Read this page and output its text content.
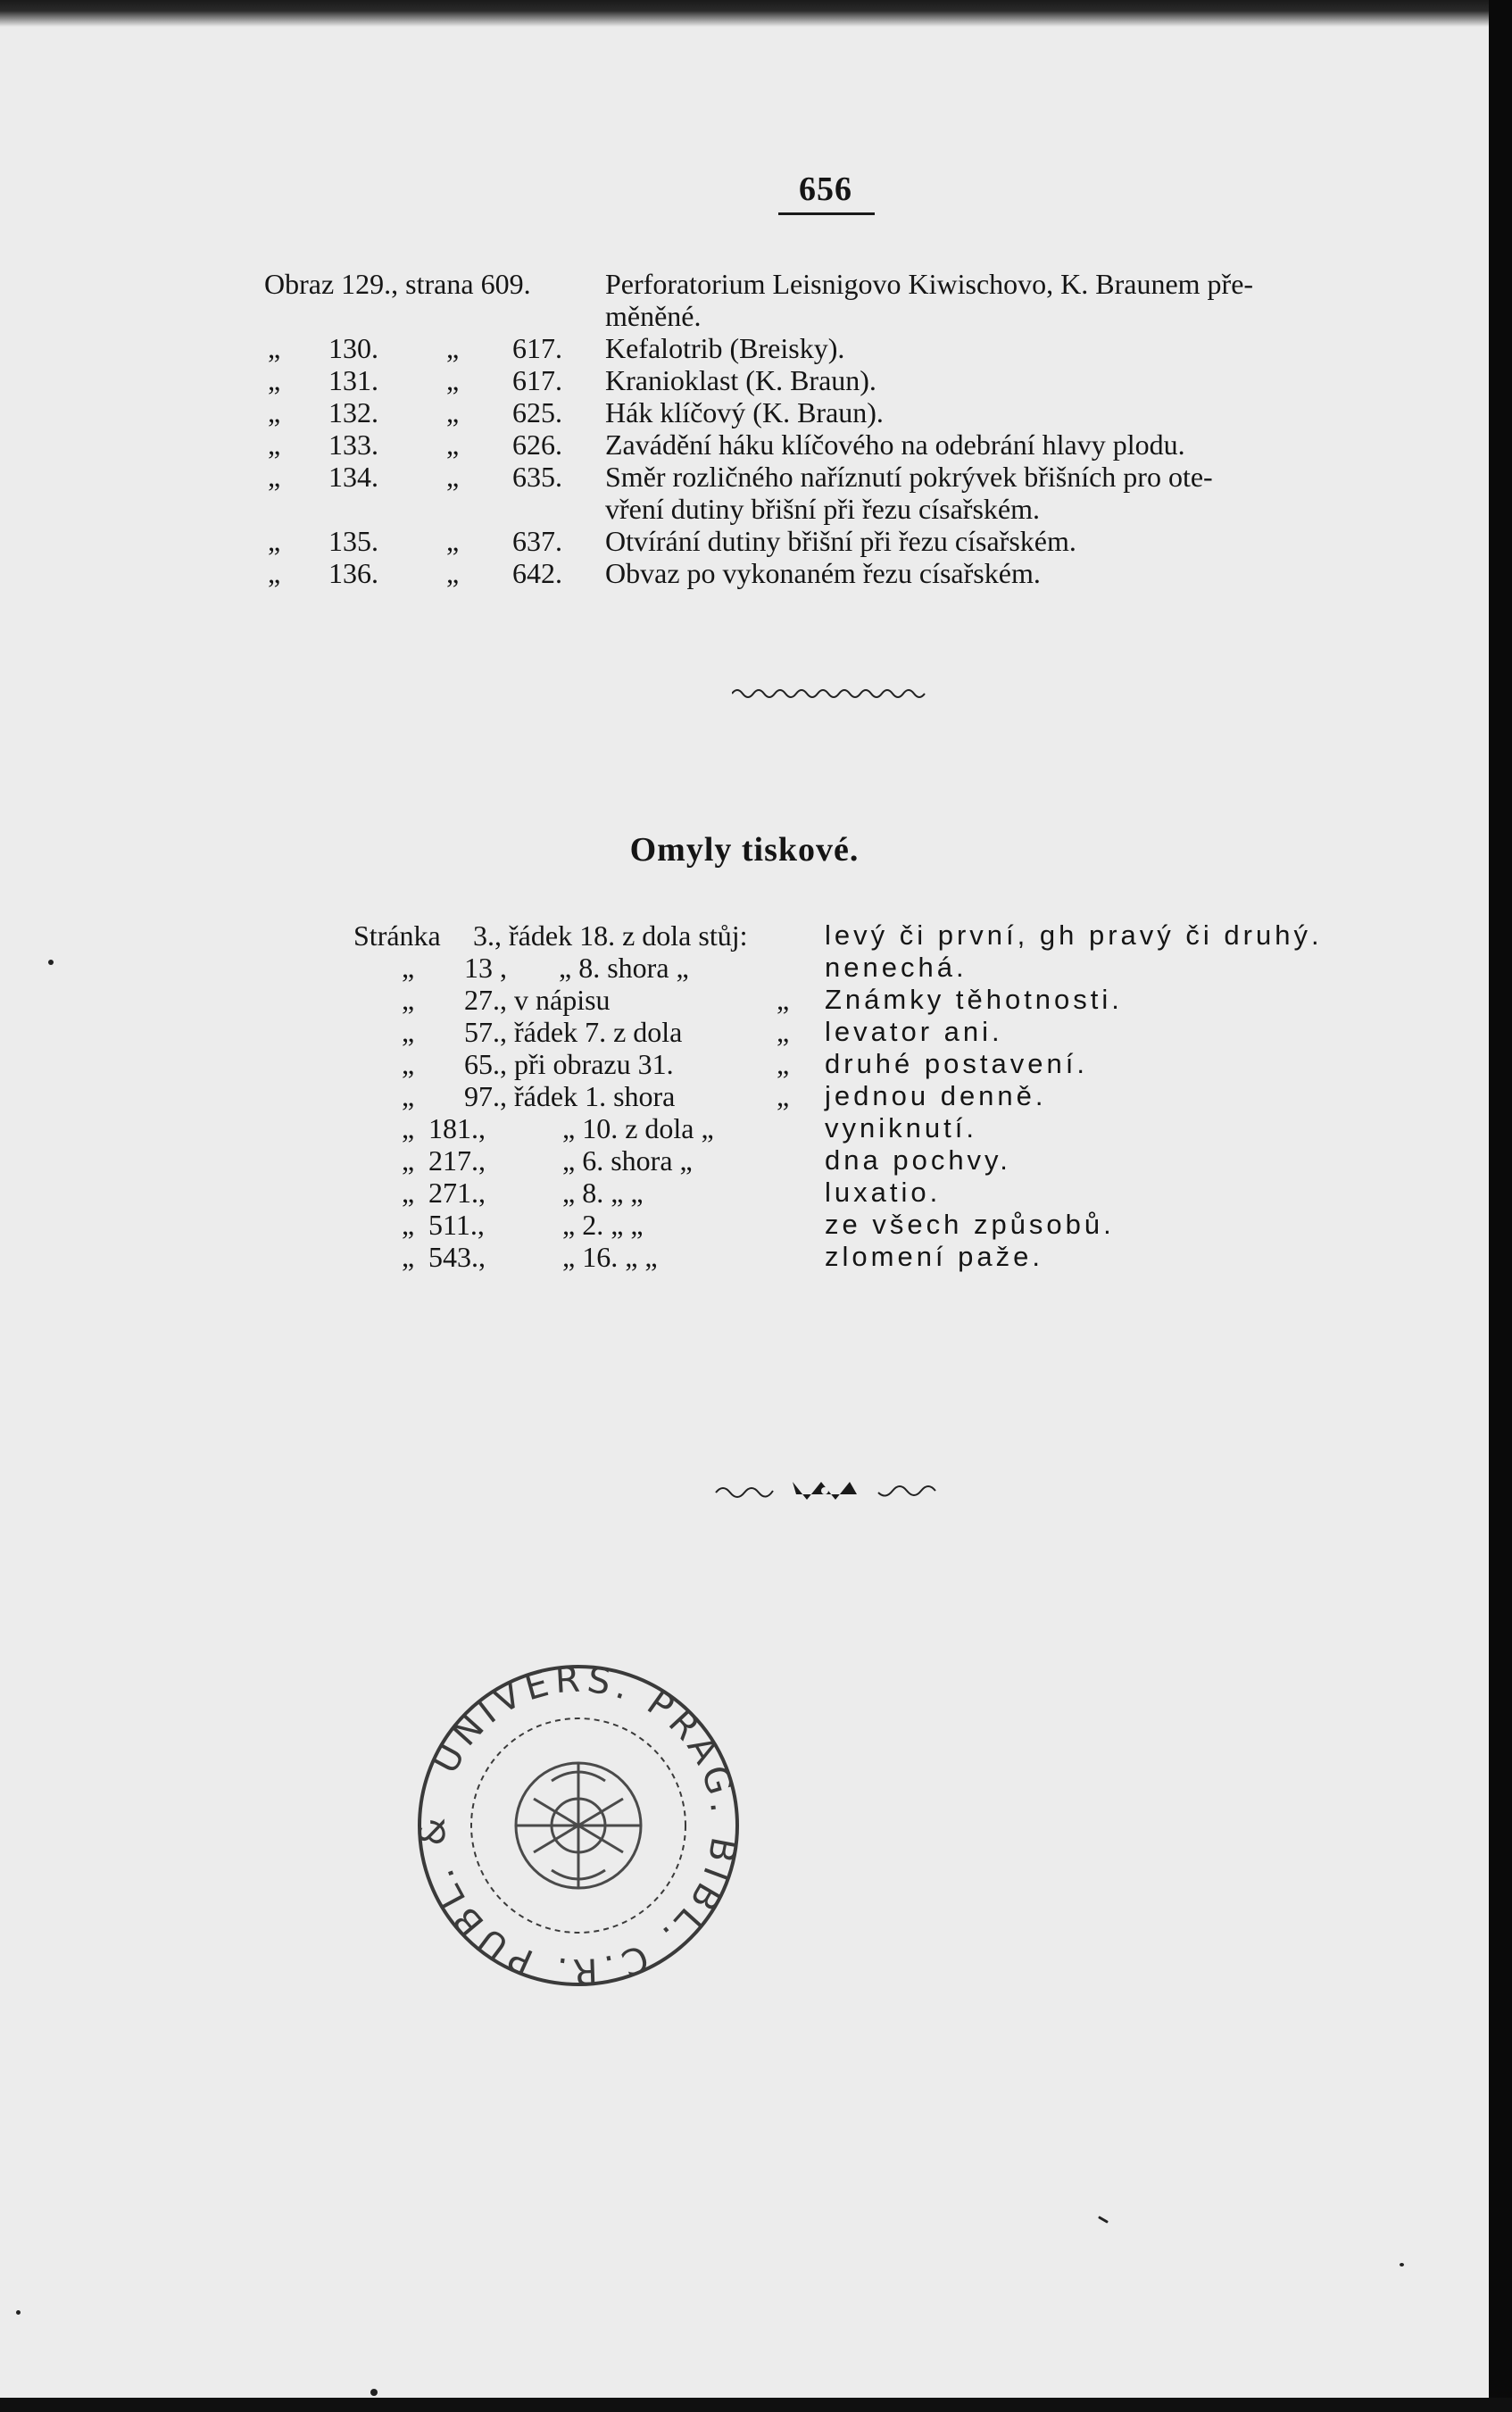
656
Obraz 129., strana 609.	Perforatorium Leisnigovo Kiwischovo, K. Braunem pře-
měněné.
„ 130. „ 617. Kefalotrib (Breisky).
„ 131. „ 617. Kranioklast (K. Braun).
„ 132. „ 625. Hák klíčový (K. Braun).
„ 133. „ 626. Zavádění háku klíčového na odebrání hlavy plodu.
„ 134. „ 635. Směr rozličného naříznutí pokrývek břišních pro ote-
vření dutiny břišní při řezu císařském.
„ 135. „ 637. Otvírání dutiny břišní při řezu císařském.
„ 136. „ 642. Obvaz po vykonaném řezu císařském.
Omyly tiskové.
Stránka 3., řádek 18. z dola stůj:	levý či první, gh pravý či druhý.
„ 13 , „ 8. shora „	nenechá.
„ 27., v nápisu	„ Známky těhotnosti.
„ 57., řádek 7. z dola	„ levator ani.
„ 65., při obrazu 31.	„ druhé postavení.
„ 97., řádek 1. shora	„ jednou denně.
„ 181.,	„ 10. z dola „	vyniknutí.
„ 217.,	„ 6. shora „	dna pochvy.
„ 271.,	„ 8. „ „	luxatio.
„ 511.,	„ 2. „ „	ze všech způsobů.
„ 543.,	„ 16. „ „	zlomení paže.
UNIVERS. PRAG. BIBL. C.R. PUBL. &
